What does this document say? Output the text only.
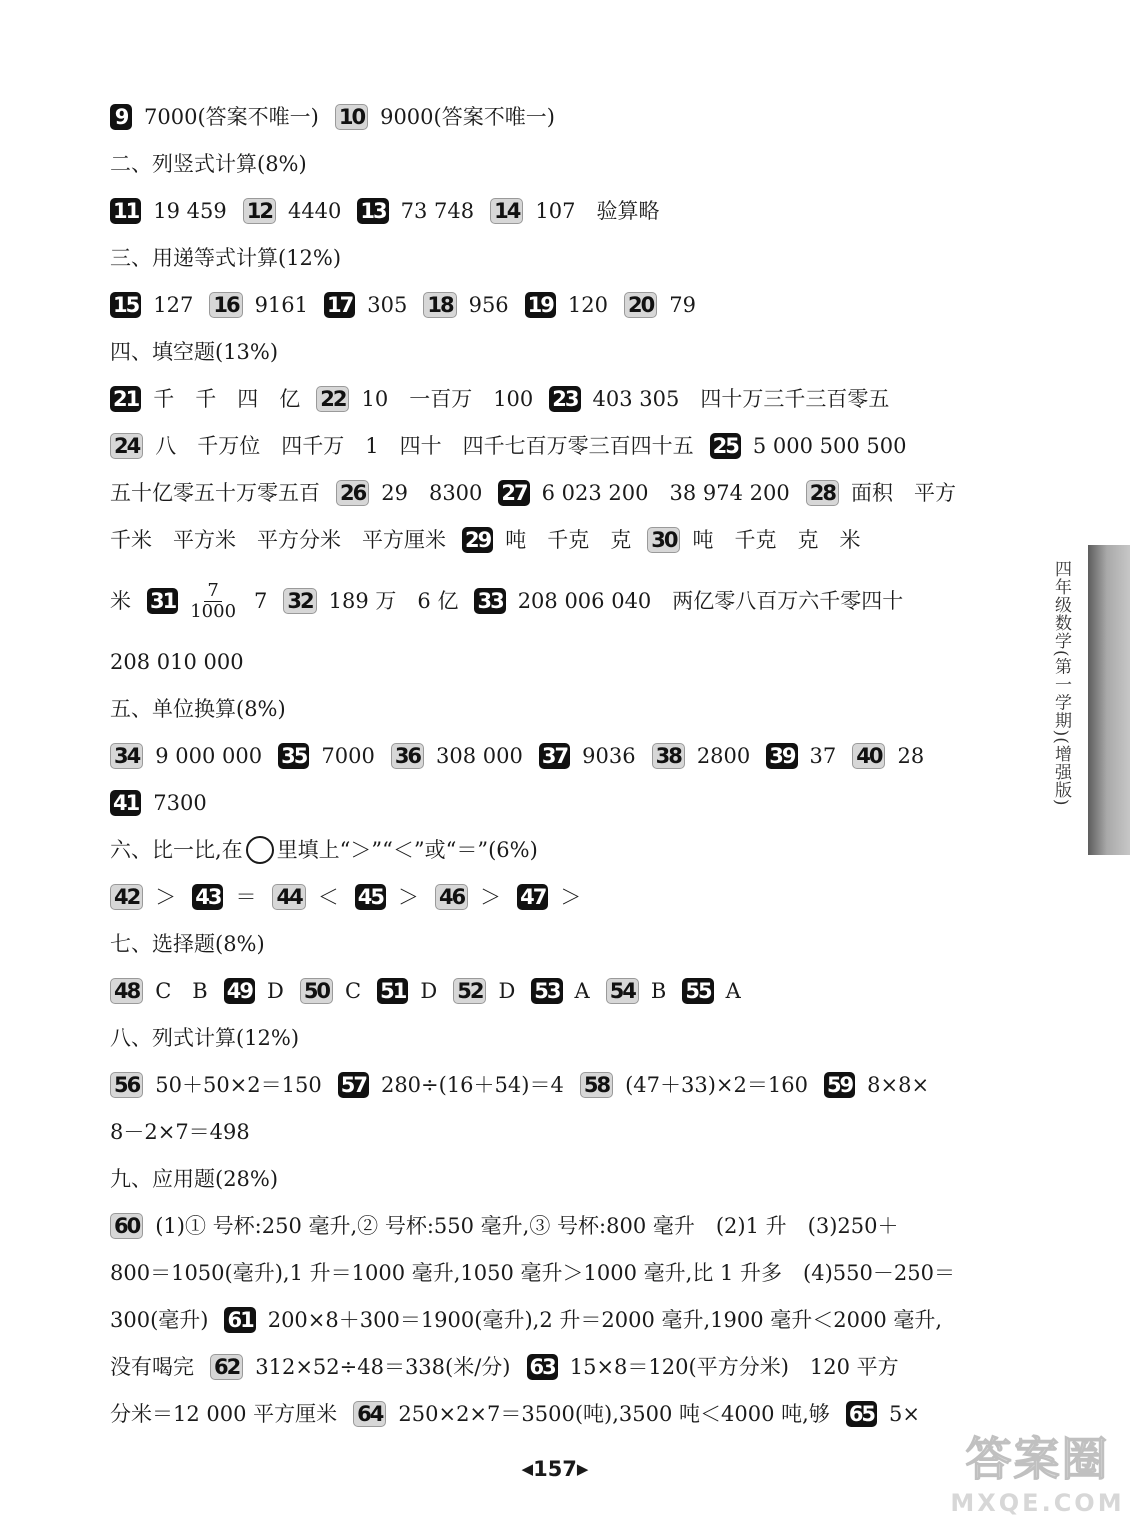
9 7000(答案不唯一) 10 9000(答案不唯一)
二、列竖式计算(8%)
11 19 459 12 4440 13 73 748 14 107　验算略
三、用递等式计算(12%)
15 127 16 9161 17 305 18 956 19 120 20 79
四、填空题(13%)
21 千　千　四　亿 22 10　一百万　100 23 403 305　四十万三千三百零五
24 八　千万位　四千万　1　四十　四千七百万零三百四十五 25 5 000 500 500
五十亿零五十万零五百 26 29　8300 27 6 023 200　38 974 200 28 面积　平方
千米　平方米　平方分米　平方厘米 29 吨　千克　克 30 吨　千克　克　米
米 $31 \frac{7}{1000} 7$ 32 189 万　6 亿 33 208 006 040　两亿零八百万六千零四十
208 010 000
五、单位换算(8%)
34 9 000 000 35 7000 36 308 000 37 9036 38 2800 39 37 40 28
41 7300
六、比一比,在 里填上“＞”“＜”或“＝”(6%)
42 ＞ 43 ＝ 44 ＜ 45 ＞ 46 ＞ 47 ＞
七、选择题(8%)
48 C　B 49 D 50 C 51 D 52 D 53 A 54 B 55 A
八、列式计算(12%)
56 50＋50×2＝150 57 280÷(16＋54)＝4 58 (47＋33)×2＝160 59 8×8×
8－2×7＝498
九、应用题(28%)
60 (1)① 号杯:250 毫升,② 号杯:550 毫升,③ 号杯:800 毫升　(2)1 升　(3)250＋
800＝1050(毫升),1 升＝1000 毫升,1050 毫升＞1000 毫升,比 1 升多　(4)550－250＝
300(毫升) 61 200×8＋300＝1900(毫升),2 升＝2000 毫升,1900 毫升＜2000 毫升,
没有喝完 62 312×52÷48＝338(米/分) 63 15×8＝120(平方分米)　120 平方
分米＝12 000 平方厘米 64 250×2×7＝3500(吨),3500 吨＜4000 吨,够 65 5×
四年级数学(第一学期)(增强版)
◀ 157 ▶	答案圈
MXQE.COM
